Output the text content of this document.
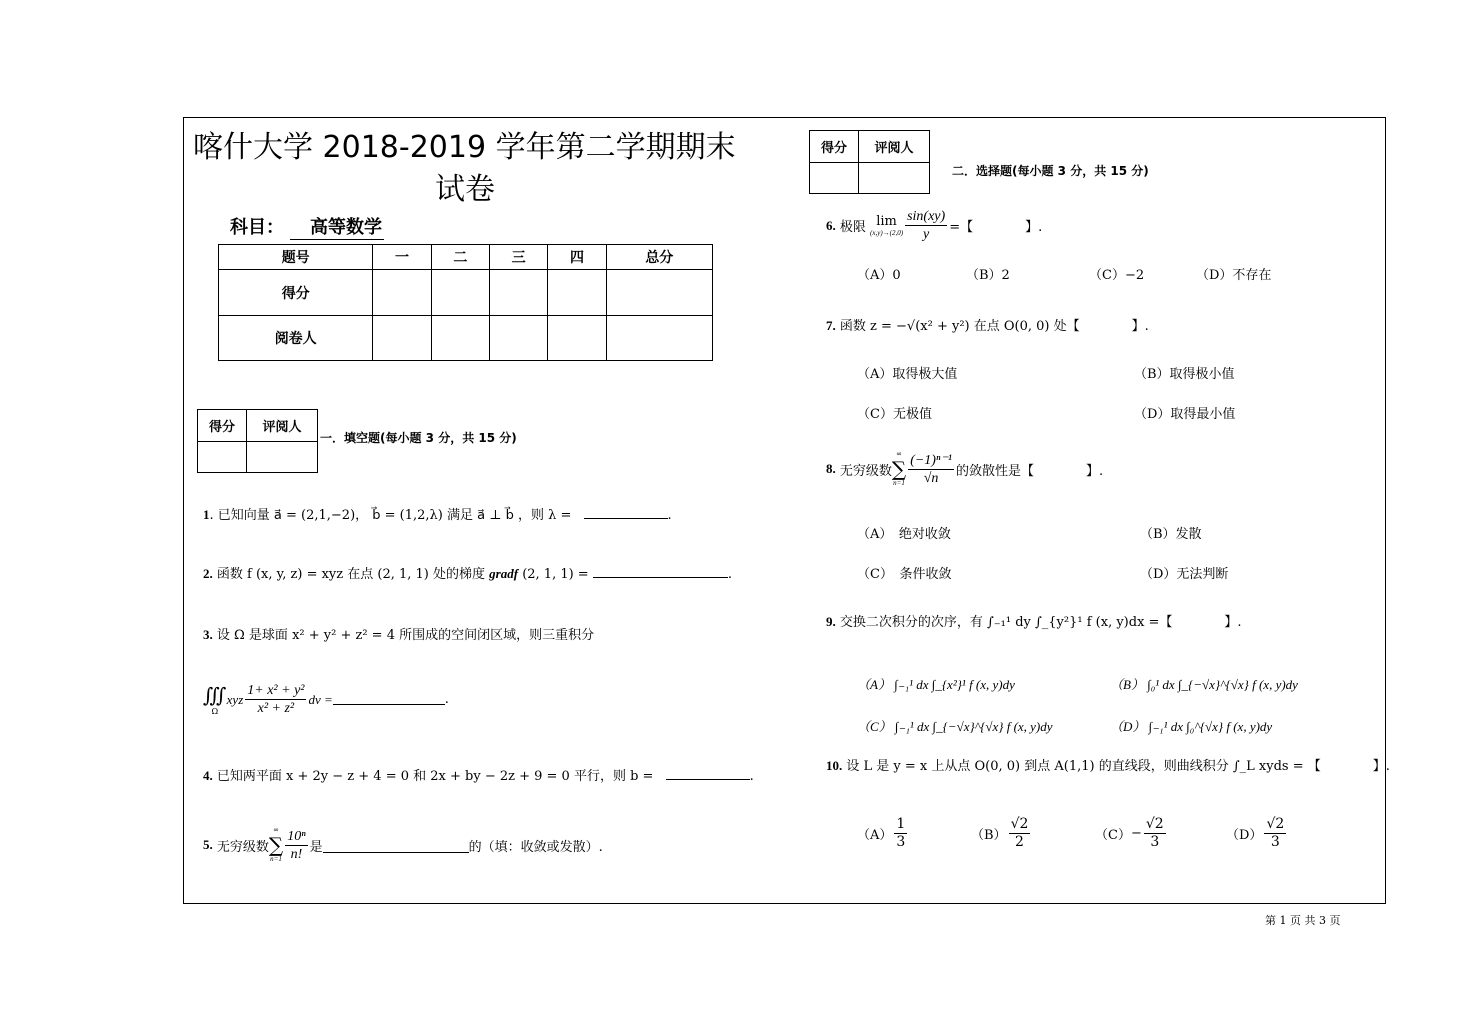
喀什大学 2018-2019 学年第二学期期末
试卷
科目：	高等数学
题号	一	二	三	四	总分
得分					
阅卷人					
得分	评阅人

一．填空题(每小题 3 分，共 15 分)
得分	评阅人

二．选择题(每小题 3 分，共 15 分)
1. 已知向量 a⃗ = (2,1,−2)， b⃗ = (1,2,λ) 满足 a⃗ ⊥ b⃗ ，则 λ =	.
2. 函数 f (x, y, z) = xyz 在点 (2, 1, 1) 处的梯度 gradf (2, 1, 1) =	.
3. 设 Ω 是球面 x² + y² + z² = 4 所围成的空间闭区域，则三重积分
∭
Ω
xyz $\frac{\text{1+ x² + y²}}{\text{x² + z²}}$ dv =	.
4. 已知两平面 x + 2y − z + 4 = 0 和 2x + by − 2z + 9 = 0 平行，则 b =	.
5.
无穷级数
∞
∑
$n=1 \frac{\text{10ⁿ}}{n!}$ 是	的（填：收敛或发散）.
6.
极限
lim
$(x,y)\to(2,0) \frac{\sin(xy)}{y}$ =【　　　　】.
（A）0	（B）2	（C）−2	（D）不存在
7. 函数 z = −√(x² + y²) 在点 O(0, 0) 处【　　　　】.
（A）取得极大值	（B）取得极小值
（C）无极值	（D）取得最小值
8.
无穷级数
∞
∑
$n=1 \frac{\text{(−1)ⁿ⁻¹}}{√n}$ 的敛散性是【　　　　】.
（A）　绝对收敛	（B）发散
（C）　条件收敛	（D）无法判断
9. 交换二次积分的次序，有 ∫₋₁¹ dy ∫_{y²}¹ f (x, y)dx =【　　　　】.
（A） ∫₋₁¹ dx ∫_{x²}¹ f (x, y)dy	（B） ∫₀¹ dx ∫_{−√x}^{√x} f (x, y)dy
（C） ∫₋₁¹ dx ∫_{−√x}^{√x} f (x, y)dy	（D） ∫₋₁¹ dx ∫₀^{√x} f (x, y)dy
10. 设 L 是 y = x 上从点 O(0, 0) 到点 A(1,1) 的直线段，则曲线积分 ∫_L xyds = 【　　　　】.
$(A) \frac{1}{3}$	$(B) \frac{√2}{2}$	$(C) - \frac{√2}{3}$	$(D) \frac{√2}{3}$
第 1 页 共 3 页
